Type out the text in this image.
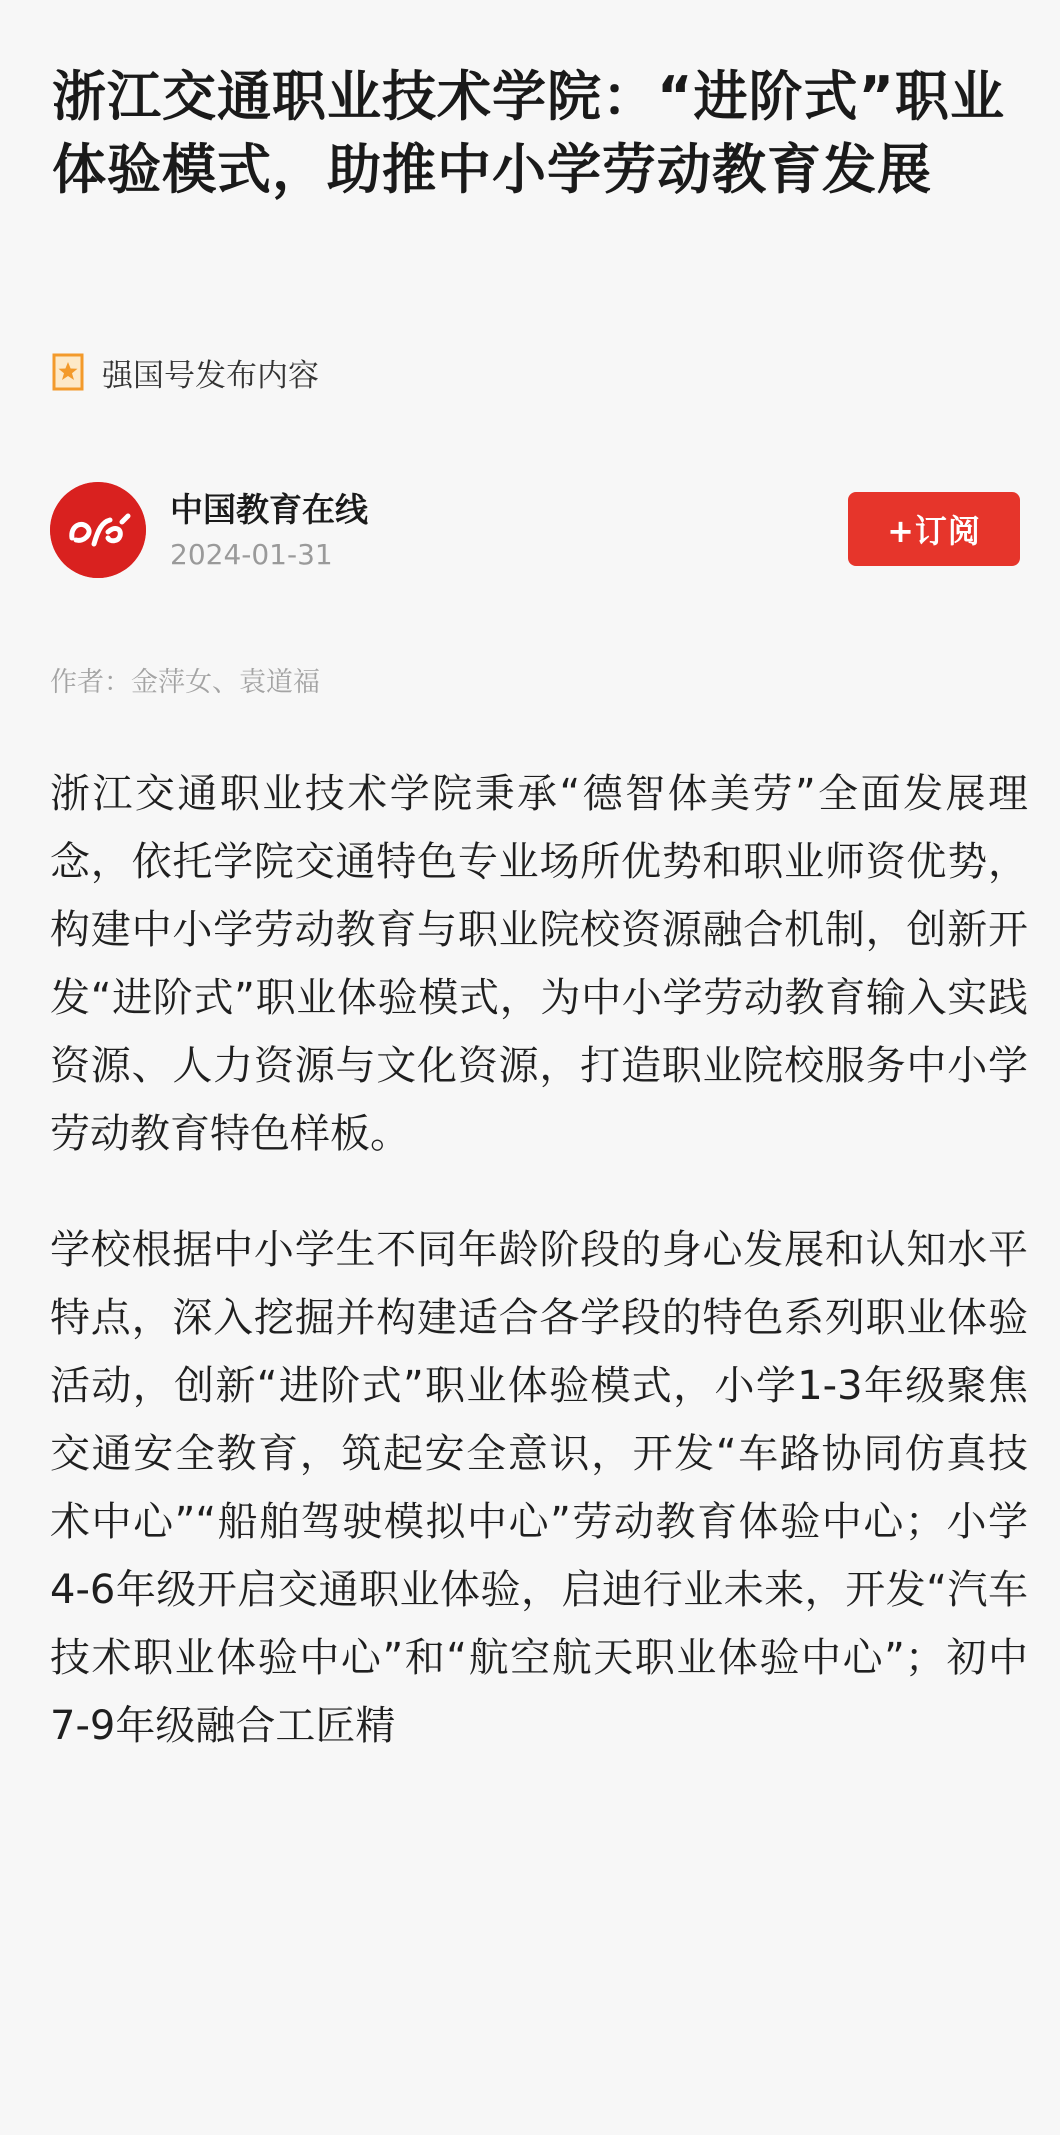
浙江交通职业技术学院：“进阶式”职业体验模式，助推中小学劳动教育发展
强国号发布内容
中国教育在线
2024-01-31
+订阅
作者：金萍女、袁道福

浙江交通职业技术学院秉承“德智体美劳”全面发展理念，依托学院交通特色专业场所优势和职业师资优势，构建中小学劳动教育与职业院校资源融合机制，创新开发“进阶式”职业体验模式，为中小学劳动教育输入实践资源、人力资源与文化资源，打造职业院校服务中小学劳动教育特色样板。

学校根据中小学生不同年龄阶段的身心发展和认知水平特点，深入挖掘并构建适合各学段的特色系列职业体验活动，创新“进阶式”职业体验模式，小学1-3年级聚焦交通安全教育，筑起安全意识，开发“车路协同仿真技术中心”“船舶驾驶模拟中心”劳动教育体验中心；小学4-6年级开启交通职业体验，启迪行业未来，开发“汽车技术职业体验中心”和“航空航天职业体验中心”；初中7-9年级融合工匠精
